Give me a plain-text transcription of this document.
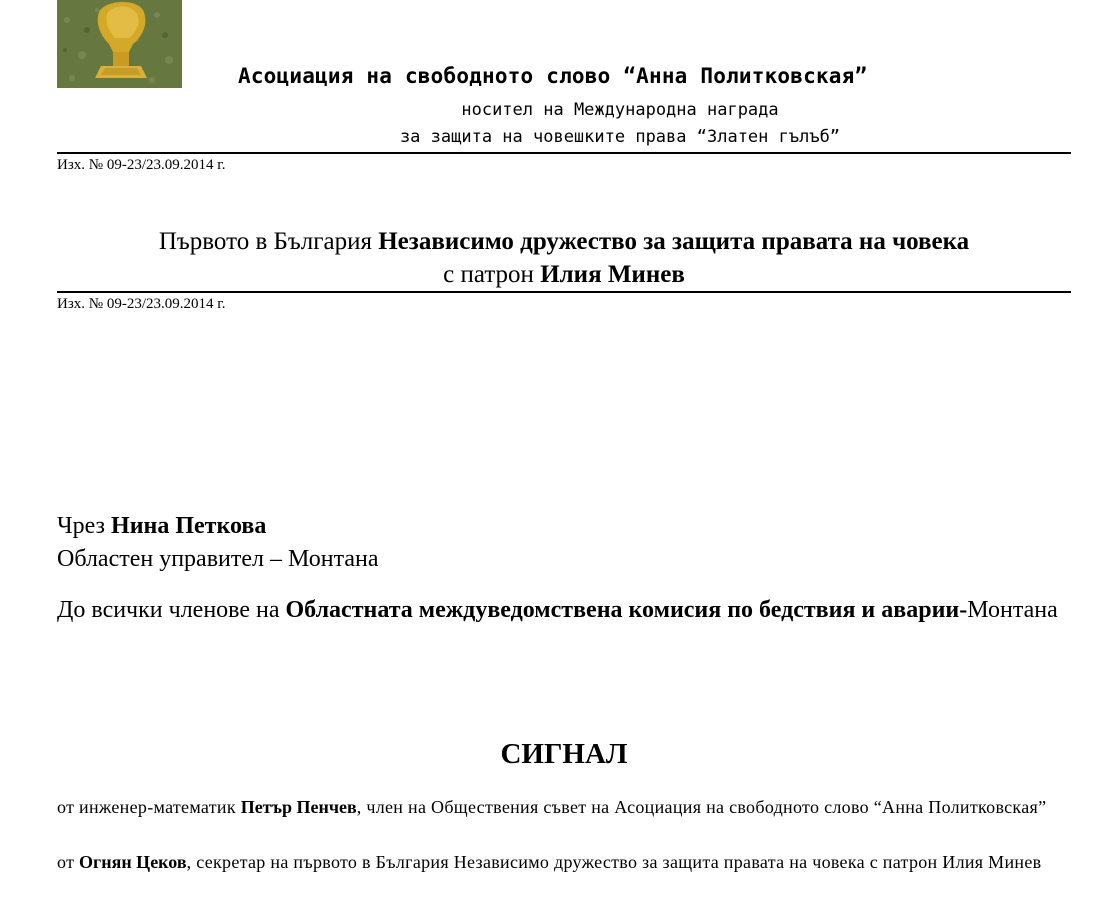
Асоциация на свободното слово “Анна Политковская”
носител на Международна награда
за защита на човешките права “Златен гълъб”
Изх. № 09-23/23.09.2014 г.
Първото в България Независимо дружество за защита правата на човека
с патрон Илия Минев
Изх. № 09-23/23.09.2014 г.
Чрез Нина Петкова
Областен управител – Монтана
До всички членове на Областната междуведомствена комисия по бедствия и аварии-Монтана
СИГНАЛ
от инженер-математик Петър Пенчев, член на Обществения съвет на Асоциация на свободното слово “Анна Политковская”
от Огнян Цеков, секретар на първото в България Независимо дружество за защита правата на човека с патрон Илия Минев
